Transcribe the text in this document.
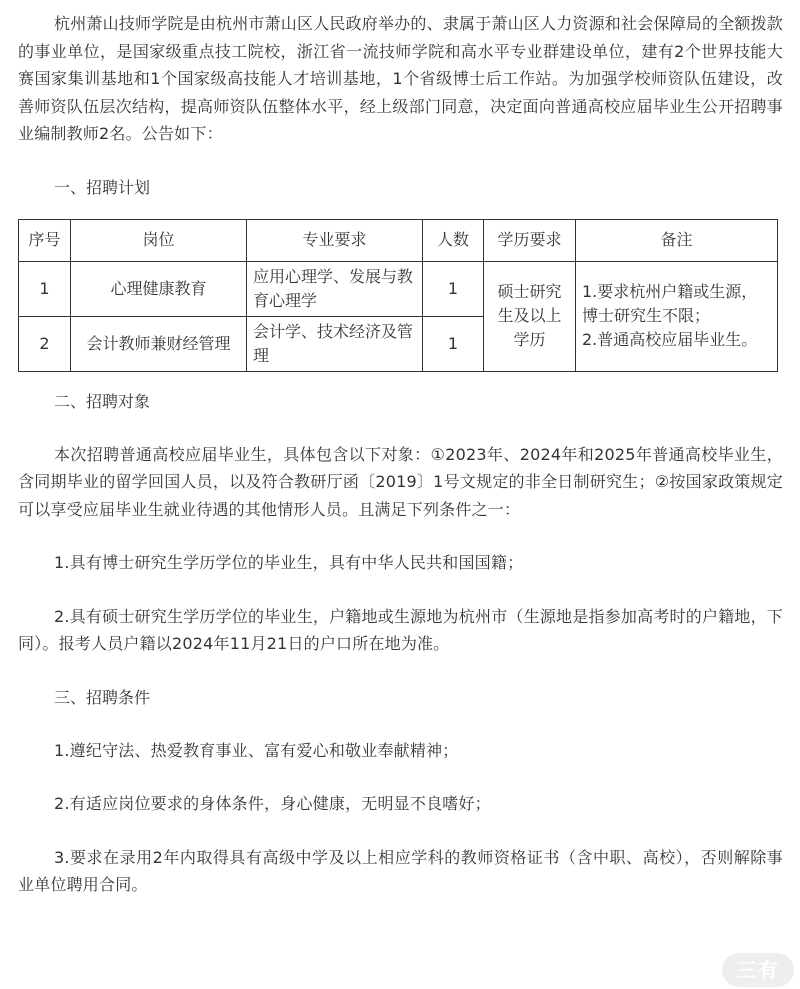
杭州萧山技师学院是由杭州市萧山区人民政府举办的、隶属于萧山区人力资源和社会保障局的全额拨款的事业单位，是国家级重点技工院校，浙江省一流技师学院和高水平专业群建设单位，建有2个世界技能大赛国家集训基地和1个国家级高技能人才培训基地，1个省级博士后工作站。为加强学校师资队伍建设，改善师资队伍层次结构，提高师资队伍整体水平，经上级部门同意，决定面向普通高校应届毕业生公开招聘事业编制教师2名。公告如下：

一、招聘计划

序号	岗位	专业要求	人数	学历要求	备注
1	心理健康教育	应用心理学、发展与教育心理学	1	硕士研究生及以上学历	1.要求杭州户籍或生源，博士研究生不限；
2.普通高校应届毕业生。

2	会计教师兼财经管理	会计学、技术经济及管理	1		

二、招聘对象

本次招聘普通高校应届毕业生，具体包含以下对象：①2023年、2024年和2025年普通高校毕业生，含同期毕业的留学回国人员，以及符合教研厅函〔2019〕1号文规定的非全日制研究生；②按国家政策规定可以享受应届毕业生就业待遇的其他情形人员。且满足下列条件之一：

1.具有博士研究生学历学位的毕业生，具有中华人民共和国国籍；

2.具有硕士研究生学历学位的毕业生，户籍地或生源地为杭州市（生源地是指参加高考时的户籍地，下同）。报考人员户籍以2024年11月21日的户口所在地为准。

三、招聘条件

1.遵纪守法、热爱教育事业、富有爱心和敬业奉献精神；

2.有适应岗位要求的身体条件，身心健康，无明显不良嗜好；

3.要求在录用2年内取得具有高级中学及以上相应学科的教师资格证书（含中职、高校），否则解除事业单位聘用合同。

三有
